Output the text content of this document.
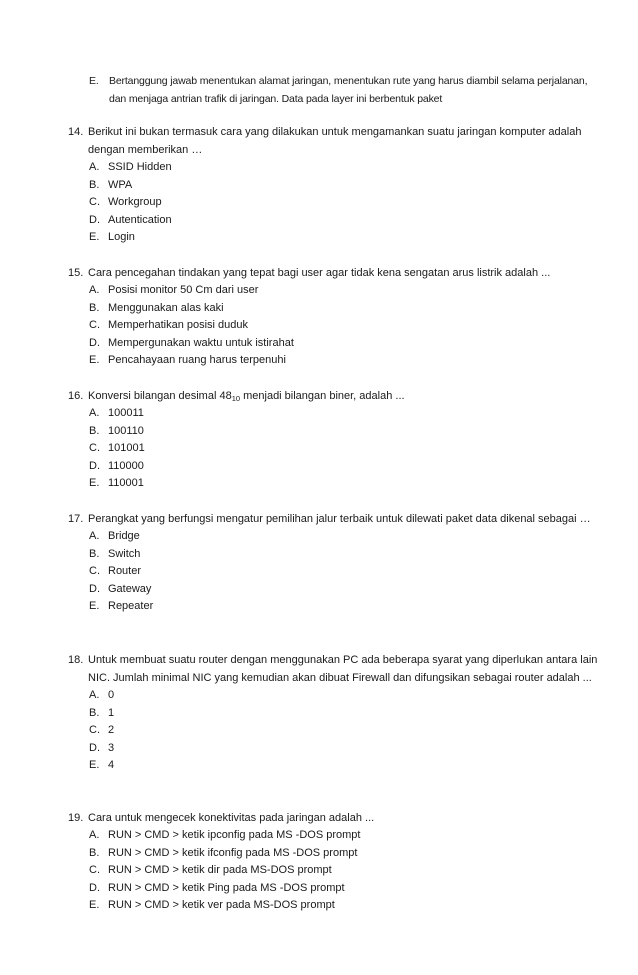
E. Bertanggung jawab menentukan alamat jaringan, menentukan rute yang harus diambil selama perjalanan, dan menjaga antrian trafik di jaringan. Data pada layer ini berbentuk paket
14. Berikut ini bukan termasuk cara yang dilakukan untuk mengamankan suatu jaringan komputer adalah dengan memberikan …
A. SSID Hidden
B. WPA
C. Workgroup
D. Autentication
E. Login
15. Cara pencegahan tindakan yang tepat bagi user agar tidak kena sengatan arus listrik adalah ...
A. Posisi monitor 50 Cm dari user
B. Menggunakan alas kaki
C. Memperhatikan posisi duduk
D. Mempergunakan waktu untuk istirahat
E. Pencahayaan ruang harus terpenuhi
16. Konversi bilangan desimal $48_{10}$ menjadi bilangan biner, adalah ...
A. 100011
B. 100110
C. 101001
D. 110000
E. 110001
17. Perangkat yang berfungsi mengatur pemilihan jalur terbaik untuk dilewati paket data dikenal sebagai …
A. Bridge
B. Switch
C. Router
D. Gateway
E. Repeater
18. Untuk membuat suatu router dengan menggunakan PC ada beberapa syarat yang diperlukan antara lain NIC. Jumlah minimal NIC yang kemudian akan dibuat Firewall dan difungsikan sebagai router adalah ...
A. 0
B. 1
C. 2
D. 3
E. 4
19. Cara untuk mengecek konektivitas pada jaringan adalah ...
A. RUN > CMD > ketik ipconfig pada MS -DOS prompt
B. RUN > CMD > ketik ifconfig pada MS -DOS prompt
C. RUN > CMD > ketik dir pada MS-DOS prompt
D. RUN > CMD > ketik Ping pada MS -DOS prompt
E. RUN > CMD > ketik ver pada MS-DOS prompt
